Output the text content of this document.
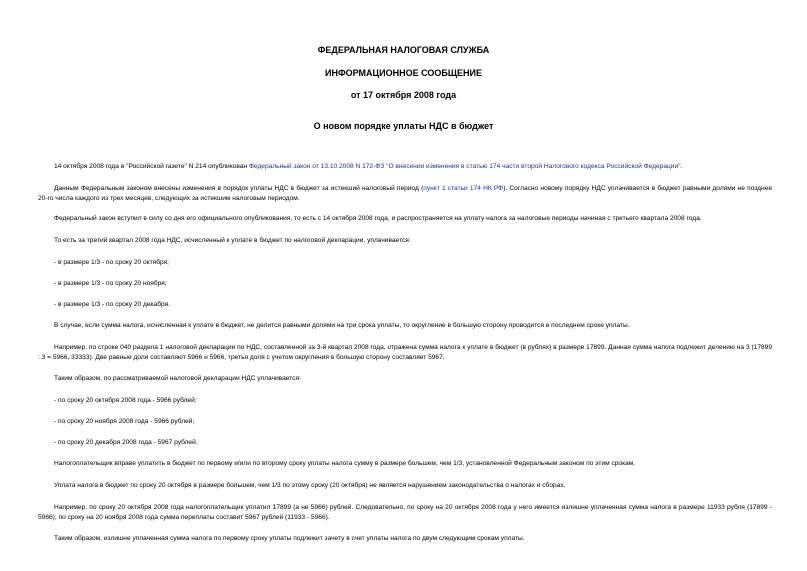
ФЕДЕРАЛЬНАЯ НАЛОГОВАЯ СЛУЖБА
ИНФОРМАЦИОННОЕ СООБЩЕНИЕ
от 17 октября 2008 года
О новом порядке уплаты НДС в бюджет
14 октября 2008 года в "Российской газете" N 214 опубликован Федеральный закон от 13.10.2008 N 172-ФЗ "О внесении изменения в статью 174 части второй Налогового кодекса Российской Федерации".
Данным Федеральным законом внесены изменения в порядок уплаты НДС в бюджет за истекший налоговый период (пункт 1 статьи 174 НК РФ). Согласно новому порядку НДС уплачивается в бюджет равными долями не позднее 20-го числа каждого из трех месяцев, следующих за истекшим налоговым периодом.
Федеральный закон вступил в силу со дня его официального опубликования, то есть с 14 октября 2008 года, и распространяется на уплату налога за налоговые периоды начиная с третьего квартала 2008 года.
То есть за третий квартал 2008 года НДС, исчисленный к уплате в бюджет по налоговой декларации, уплачивается:
- в размере 1/3 - по сроку 20 октября;
- в размере 1/3 - по сроку 20 ноября;
- в размере 1/3 - по сроку 20 декабря.
В случае, если сумма налога, исчисленная к уплате в бюджет, не делится равными долями на три срока уплаты, то округление в большую сторону проводится в последнем сроке уплаты.
Например, по строке 040 раздела 1 налоговой декларации по НДС, составленной за 3-й квартал 2008 года, отражена сумма налога к уплате в бюджет (в рублях) в размере 17899. Данная сумма налога подлежит делению на 3 (17899 : 3 = 5966, 33333). Две равные доли составляют 5966 и 5966, третья доля с учетом округления в большую сторону составляет 5967.
Таким образом, по рассматриваемой налоговой декларации НДС уплачивается:
- по сроку 20 октября 2008 года - 5966 рублей;
- по сроку 20 ноября 2008 года - 5966 рублей;
- по сроку 20 декабря 2008 года - 5967 рублей.
Налогоплательщик вправе уплатить в бюджет по первому и/или по второму сроку уплаты налога сумму в размере большем, чем 1/3, установленной Федеральным законом по этим срокам.
Уплата налога в бюджет по сроку 20 октября в размере большем, чем 1/3 по этому сроку (20 октября) не является нарушением законодательства о налогах и сборах.
Например, по сроку 20 октября 2008 года налогоплательщик уплатил 17899 (а не 5966) рублей. Следовательно, по сроку на 20 октября 2008 года у него имеется излишне уплаченная сумма налога в размере 11933 рубля (17899 - 5966); по сроку на 20 ноября 2008 года сумма переплаты составит 5967 рублей (11933 - 5966).
Таким образом, излишне уплаченная сумма налога по первому сроку уплаты подлежит зачету в счет уплаты налога по двум следующим срокам уплаты.
